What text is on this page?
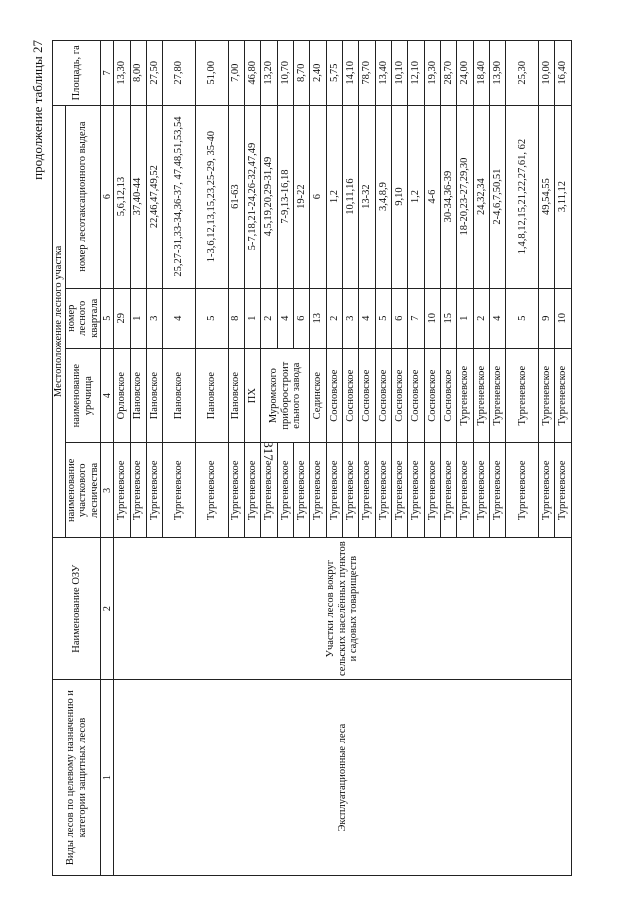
317
продолжение таблицы 27
Виды лесов по целевому назначению и категории защитных лесов	Наименование ОЗУ	Местоположение лесного участка				Площадь, га
		наименование участкового лесничества	наименование урочища	номер лесного квартала	номер лесотаксационного выдела	
1	2	3	4	5	6	7
Эксплуатационные леса	Участки лесов вокруг сельских населённых пунктов и садовых товариществ	Тургеневское	Орловское	29	5,6,12,13	13,30
		Тургеневское	Пановское	1	37,40-44	8,00
		Тургеневское	Пановское	3	22,46,47,49,52	27,50
		Тургеневское	Пановское	4	25,27-31,33-34,36-37, 47,48,51,53,54	27,80
		Тургеневское	Пановское	5	1-3,6,12,13,15,23,25-29, 35-40	51,00
		Тургеневское	Пановское	8	61-63	7,00
		Тургеневское	ПХ	1	5-7,18,21-24,26-32,47,49	46,80
		Тургеневское	Муромского приборостроит ельного завода	2	4,5,19,20,29-31,49	13,20
		Тургеневское		4	7-9,13-16,18	10,70
		Тургеневское		6	19-22	8,70
		Тургеневское	Сединское	13	6	2,40
		Тургеневское	Сосновское	2	1,2	5,75
		Тургеневское	Сосновское	3	10,11,16	14,10
		Тургеневское	Сосновское	4	13-32	78,70
		Тургеневское	Сосновское	5	3,4,8,9	13,40
		Тургеневское	Сосновское	6	9,10	10,10
		Тургеневское	Сосновское	7	1,2	12,10
		Тургеневское	Сосновское	10	4-6	19,30
		Тургеневское	Сосновское	15	30-34,36-39	28,70
		Тургеневское	Тургеневское	1	18-20,23-27,29,30	24,00
		Тургеневское	Тургеневское	2	24,32,34	18,40
		Тургеневское	Тургеневское	4	2-4,6,7,50,51	13,90
		Тургеневское	Тургеневское	5	1,4,8,12,15,21,22,27,61, 62	25,30
		Тургеневское	Тургеневское	9	49,54,55	10,00
		Тургеневское	Тургеневское	10	3,11,12	16,40
